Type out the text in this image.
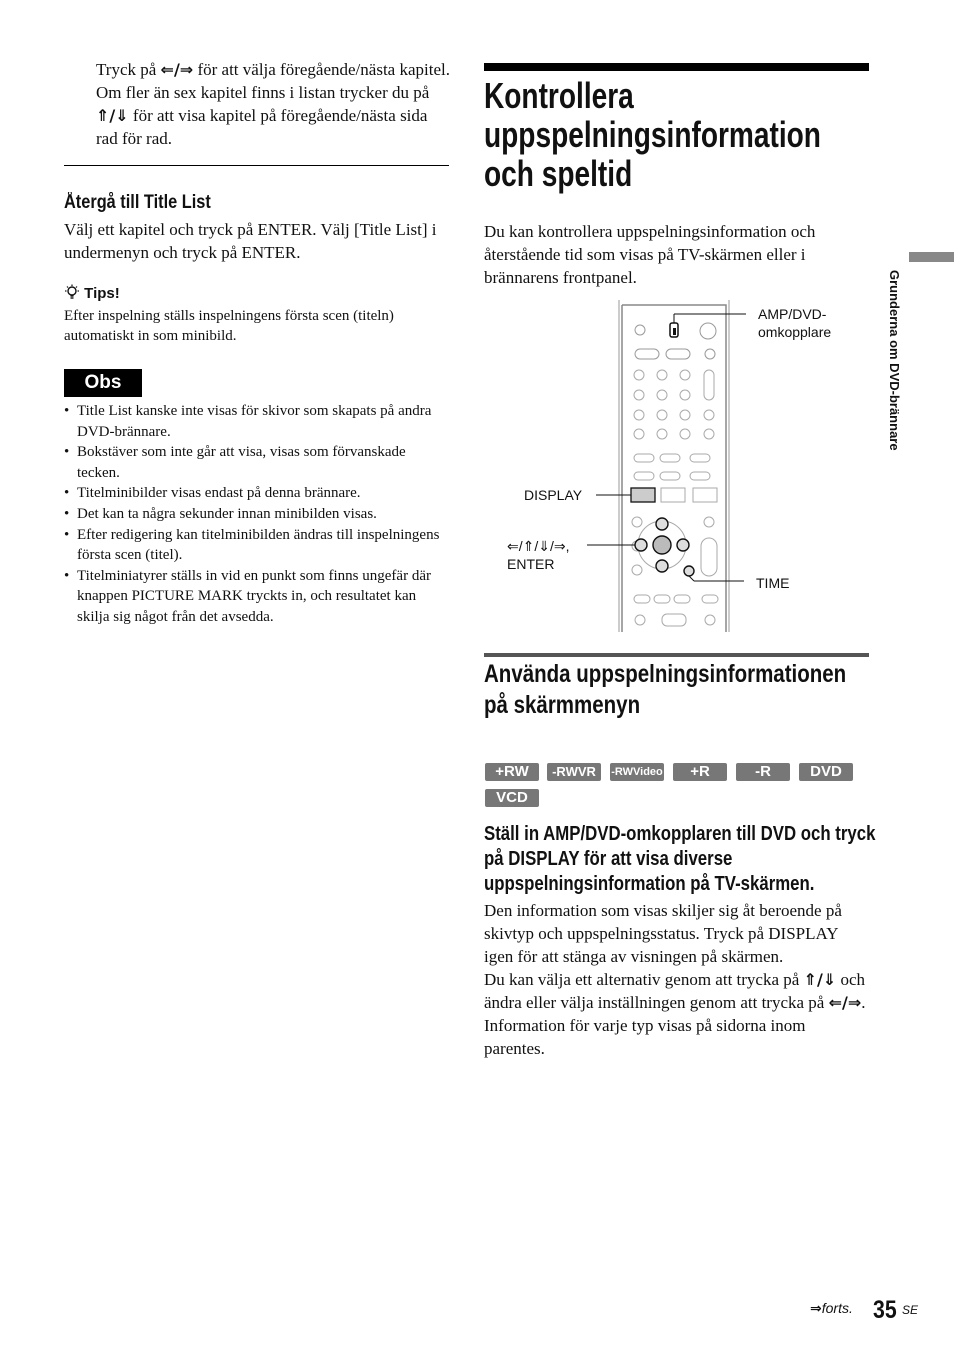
Tryck på ⇐/⇒ för att välja föregående/nästa kapitel. Om fler än sex kapitel finns i listan trycker du på ⇑/⇓ för att visa kapitel på föregående/nästa sida rad för rad.
Återgå till Title List
Välj ett kapitel och tryck på ENTER. Välj [Title List] i undermenyn och tryck på ENTER.
Tips!
Efter inspelning ställs inspelningens första scen (titeln) automatiskt in som minibild.
Obs
• Title List kanske inte visas för skivor som skapats på andra DVD-brännare.
• Bokstäver som inte går att visa, visas som förvanskade tecken.
• Titelminibilder visas endast på denna brännare.
• Det kan ta några sekunder innan minibilden visas.
• Efter redigering kan titelminibilden ändras till inspelningens första scen (titel).
• Titelminiatyrer ställs in vid en punkt som finns ungefär där knappen PICTURE MARK tryckts in, och resultatet kan skilja sig något från det avsedda.
Kontrollera uppspelningsinformation och speltid
Du kan kontrollera uppspelningsinformation och återstående tid som visas på TV-skärmen eller i brännarens frontpanel.
AMP/DVD-
omkopplare
DISPLAY
⇐/⇑/⇓/⇒,
ENTER
TIME
Använda uppspelningsinformationen på skärmmenyn
+RW	-RWVR	-RWVideo	+R	-R	DVD
VCD
Ställ in AMP/DVD-omkopplaren till DVD och tryck på DISPLAY för att visa diverse uppspelningsinformation på TV-skärmen.
Den information som visas skiljer sig åt beroende på skivtyp och uppspelningsstatus. Tryck på DISPLAY igen för att stänga av visningen på skärmen.
Du kan välja ett alternativ genom att trycka på ⇑/⇓ och ändra eller välja inställningen genom att trycka på ⇐/⇒. Information för varje typ visas på sidorna inom parentes.
Grunderna om DVD-brännare
⇒forts. 35 SE
